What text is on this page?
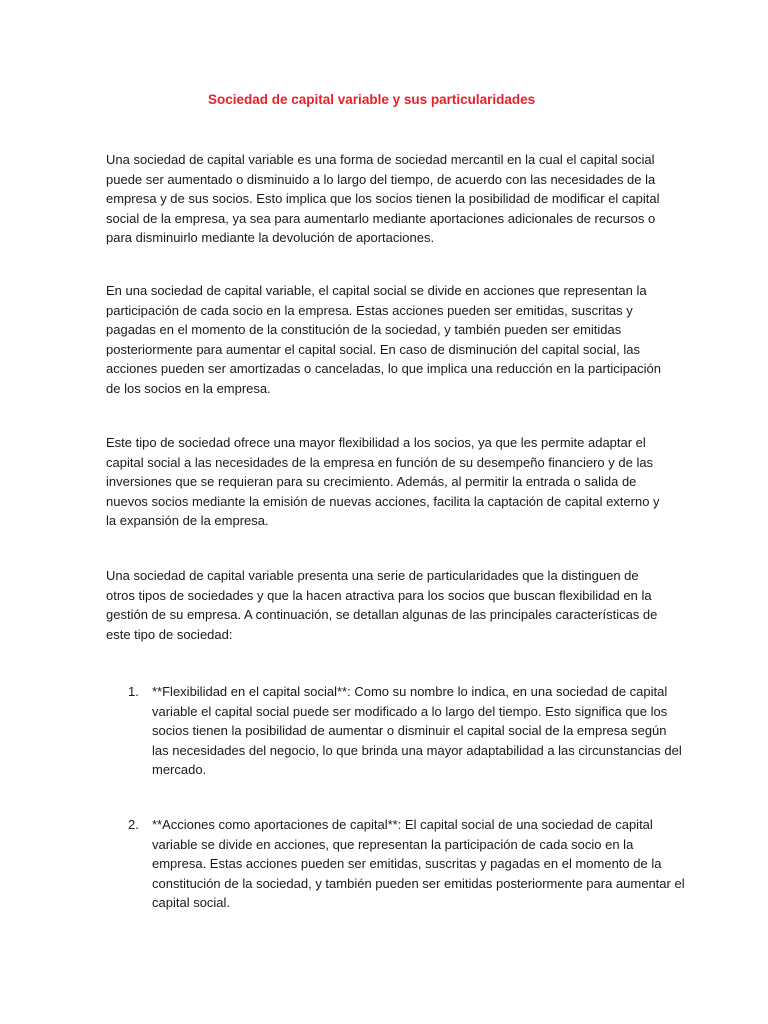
Sociedad de capital variable y sus particularidades

Una sociedad de capital variable es una forma de sociedad mercantil en la cual el capital social puede ser aumentado o disminuido a lo largo del tiempo, de acuerdo con las necesidades de la empresa y de sus socios. Esto implica que los socios tienen la posibilidad de modificar el capital social de la empresa, ya sea para aumentarlo mediante aportaciones adicionales de recursos o para disminuirlo mediante la devolución de aportaciones.

En una sociedad de capital variable, el capital social se divide en acciones que representan la participación de cada socio en la empresa. Estas acciones pueden ser emitidas, suscritas y pagadas en el momento de la constitución de la sociedad, y también pueden ser emitidas posteriormente para aumentar el capital social. En caso de disminución del capital social, las acciones pueden ser amortizadas o canceladas, lo que implica una reducción en la participación de los socios en la empresa.

Este tipo de sociedad ofrece una mayor flexibilidad a los socios, ya que les permite adaptar el capital social a las necesidades de la empresa en función de su desempeño financiero y de las inversiones que se requieran para su crecimiento. Además, al permitir la entrada o salida de nuevos socios mediante la emisión de nuevas acciones, facilita la captación de capital externo y la expansión de la empresa.

Una sociedad de capital variable presenta una serie de particularidades que la distinguen de otros tipos de sociedades y que la hacen atractiva para los socios que buscan flexibilidad en la gestión de su empresa. A continuación, se detallan algunas de las principales características de este tipo de sociedad:

1. **Flexibilidad en el capital social**: Como su nombre lo indica, en una sociedad de capital variable el capital social puede ser modificado a lo largo del tiempo. Esto significa que los socios tienen la posibilidad de aumentar o disminuir el capital social de la empresa según las necesidades del negocio, lo que brinda una mayor adaptabilidad a las circunstancias del mercado.

2. **Acciones como aportaciones de capital**: El capital social de una sociedad de capital variable se divide en acciones, que representan la participación de cada socio en la empresa. Estas acciones pueden ser emitidas, suscritas y pagadas en el momento de la constitución de la sociedad, y también pueden ser emitidas posteriormente para aumentar el capital social.
